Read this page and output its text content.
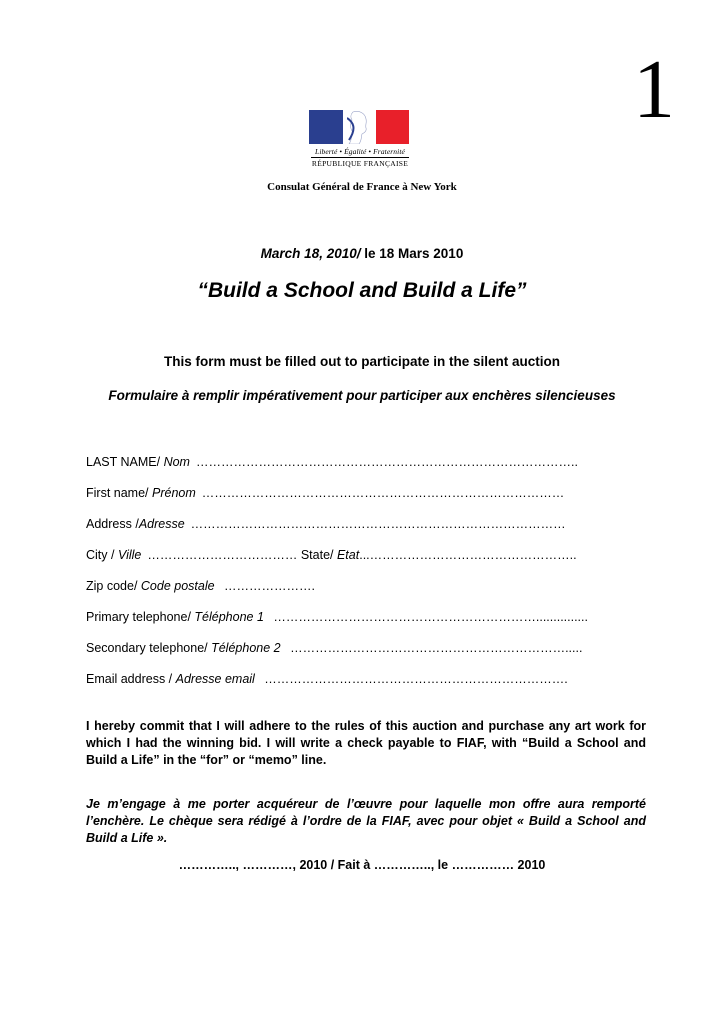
1
Liberté • Égalité • Fraternité
RÉPUBLIQUE FRANÇAISE
Consulat Général de France à New York
March 18, 2010/ le 18 Mars 2010
“Build a School and Build a Life”
This form must be filled out to participate in the silent auction
Formulaire à remplir impérativement pour participer aux enchères silencieuses
LAST NAME/ Nom ………………………………………………………………………………..
First name/ Prénom ……………………………………………………………………………
Address /Adresse ………………………………………………………………………………
City / Ville ……………………………… State/ Etat...…………………………………………..
Zip code/ Code postale ………………….
Primary telephone/ Téléphone 1 ………………………………………………………...............
Secondary telephone/ Téléphone 2 ………………………………………………………….....
Email address / Adresse email ……………………………………………………………….
I hereby commit that I will adhere to the rules of this auction and purchase any art work for which I had the winning bid. I will write a check payable to FIAF, with “Build a School and Build a Life” in the “for” or “memo” line.
Je m’engage à me porter acquéreur de l’œuvre pour laquelle mon offre aura remporté l’enchère. Le chèque sera rédigé à l’ordre de la FIAF, avec pour objet « Build a School and Build a Life ».
………….., …………, 2010 / Fait à ………….., le …………… 2010
